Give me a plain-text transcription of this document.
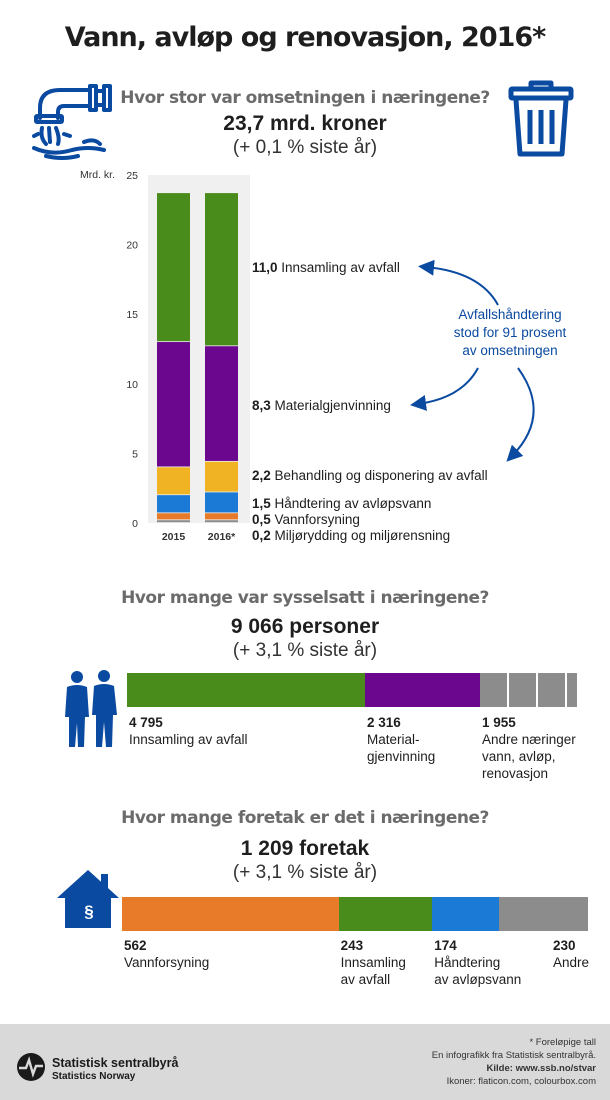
Vann, avløp og renovasjon, 2016*
Hvor stor var omsetningen i næringene?
23,7 mrd. kroner
(+ 0,1 % siste år)
0
5
10
15
20
25
Mrd. kr.
2015 2016* 0,2 Miljørydding og miljørensning
0,5 Vannforsyning
1,5 Håndtering av avløpsvann
2,2 Behandling og disponering av avfall
8,3 Materialgjenvinning
11,0 Innsamling av avfall
Avfallshåndtering
stod for 91 prosent
av omsetningen
Hvor mange var sysselsatt i næringene?
9 066 personer
(+ 3,1 % siste år)
4 795
Innsamling av avfall
2 316
Material-
gjenvinning
1 955
Andre næringer
vann, avløp,
renovasjon
Hvor mange foretak er det i næringene?
1 209 foretak
(+ 3,1 % siste år)
§
562
Vannforsyning
243
Innsamling
av avfall
174
Håndtering
av avløpsvann
230
Andre
Statistisk sentralbyrå
Statistics Norway
* Foreløpige tall
En infografikk fra Statistisk sentralbyrå.
Kilde: www.ssb.no/stvar
Ikoner: flaticon.com, colourbox.com
